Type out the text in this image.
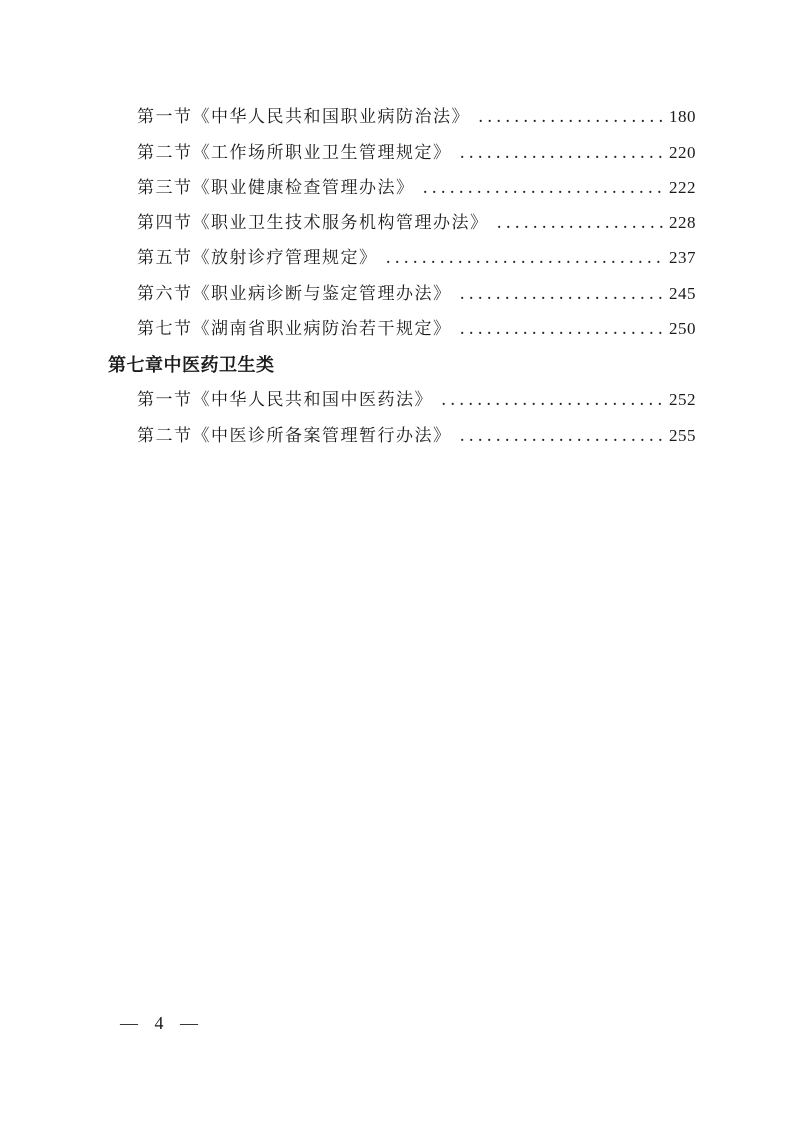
第一节《中华人民共和国职业病防治法》 .....	180
第二节《工作场所职业卫生管理规定》 .....	220
第三节《职业健康检查管理办法》 .....	222
第四节《职业卫生技术服务机构管理办法》 .....	228
第五节《放射诊疗管理规定》 .....	237
第六节《职业病诊断与鉴定管理办法》 .....	245
第七节《湖南省职业病防治若干规定》 .....	250
第七章中医药卫生类
第一节《中华人民共和国中医药法》 .....	252
第二节《中医诊所备案管理暂行办法》 .....	255
— 4 —
